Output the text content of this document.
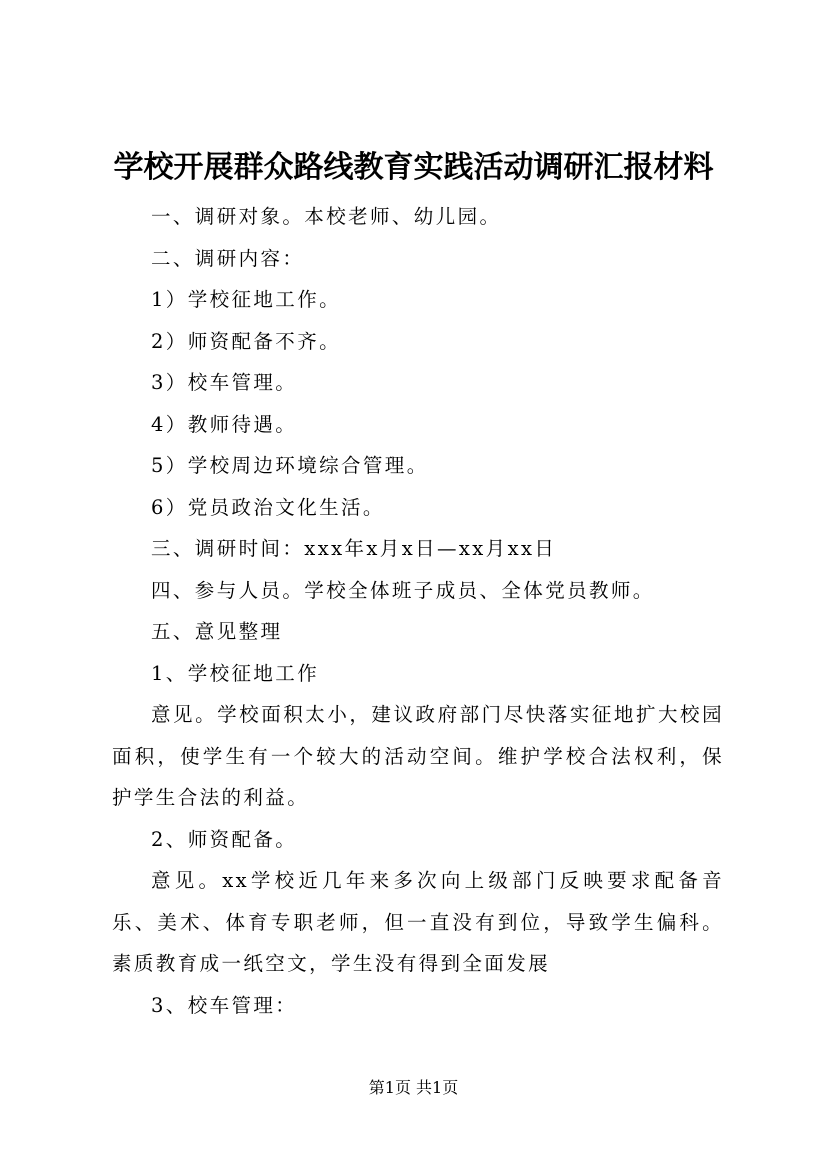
学校开展群众路线教育实践活动调研汇报材料

一、调研对象。本校老师、幼儿园。

二、调研内容：

1）学校征地工作。

2）师资配备不齐。

3）校车管理。

4）教师待遇。

5）学校周边环境综合管理。

6）党员政治文化生活。

三、调研时间：xxx年x月x日—xx月xx日

四、参与人员。学校全体班子成员、全体党员教师。

五、意见整理

1、学校征地工作

意见。学校面积太小，建议政府部门尽快落实征地扩大校园面积，使学生有一个较大的活动空间。维护学校合法权利，保护学生合法的利益。

2、师资配备。

意见。xx学校近几年来多次向上级部门反映要求配备音乐、美术、体育专职老师，但一直没有到位，导致学生偏科。素质教育成一纸空文，学生没有得到全面发展

3、校车管理：

第1页 共1页
